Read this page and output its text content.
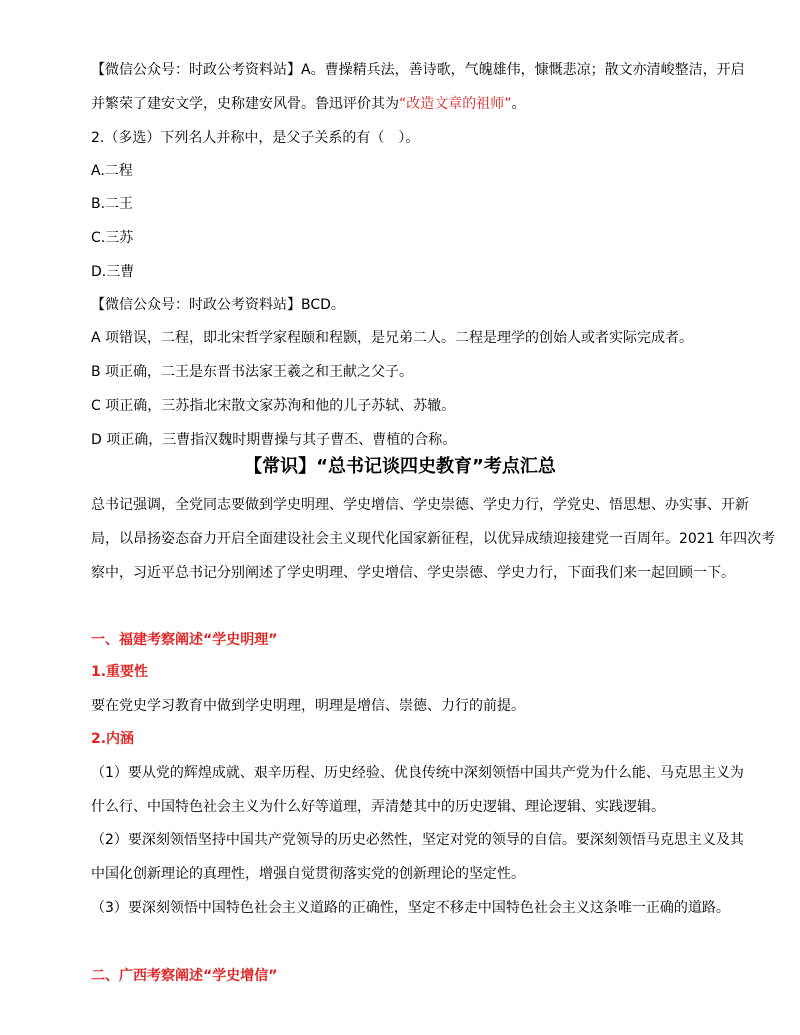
【微信公众号：时政公考资料站】A。曹操精兵法，善诗歌，气魄雄伟，慷慨悲凉；散文亦清峻整洁，开启
并繁荣了建安文学，史称建安风骨。鲁迅评价其为“改造文章的祖师”。
2.（多选）下列名人并称中，是父子关系的有（　）。
A.二程
B.二王
C.三苏
D.三曹
【微信公众号：时政公考资料站】BCD。
A 项错误，二程，即北宋哲学家程颐和程颢，是兄弟二人。二程是理学的创始人或者实际完成者。
B 项正确，二王是东晋书法家王羲之和王献之父子。
C 项正确，三苏指北宋散文家苏洵和他的儿子苏轼、苏辙。
D 项正确，三曹指汉魏时期曹操与其子曹丕、曹植的合称。
【常识】“总书记谈四史教育”考点汇总
总书记强调，全党同志要做到学史明理、学史增信、学史崇德、学史力行，学党史、悟思想、办实事、开新
局，以昂扬姿态奋力开启全面建设社会主义现代化国家新征程，以优异成绩迎接建党一百周年。2021 年四次考
察中，习近平总书记分别阐述了学史明理、学史增信、学史崇德、学史力行，下面我们来一起回顾一下。
一、福建考察阐述“学史明理”
1.重要性
要在党史学习教育中做到学史明理，明理是增信、崇德、力行的前提。
2.内涵
（1）要从党的辉煌成就、艰辛历程、历史经验、优良传统中深刻领悟中国共产党为什么能、马克思主义为
什么行、中国特色社会主义为什么好等道理，弄清楚其中的历史逻辑、理论逻辑、实践逻辑。
（2）要深刻领悟坚持中国共产党领导的历史必然性，坚定对党的领导的自信。要深刻领悟马克思主义及其
中国化创新理论的真理性，增强自觉贯彻落实党的创新理论的坚定性。
（3）要深刻领悟中国特色社会主义道路的正确性，坚定不移走中国特色社会主义这条唯一正确的道路。
二、广西考察阐述“学史增信”
